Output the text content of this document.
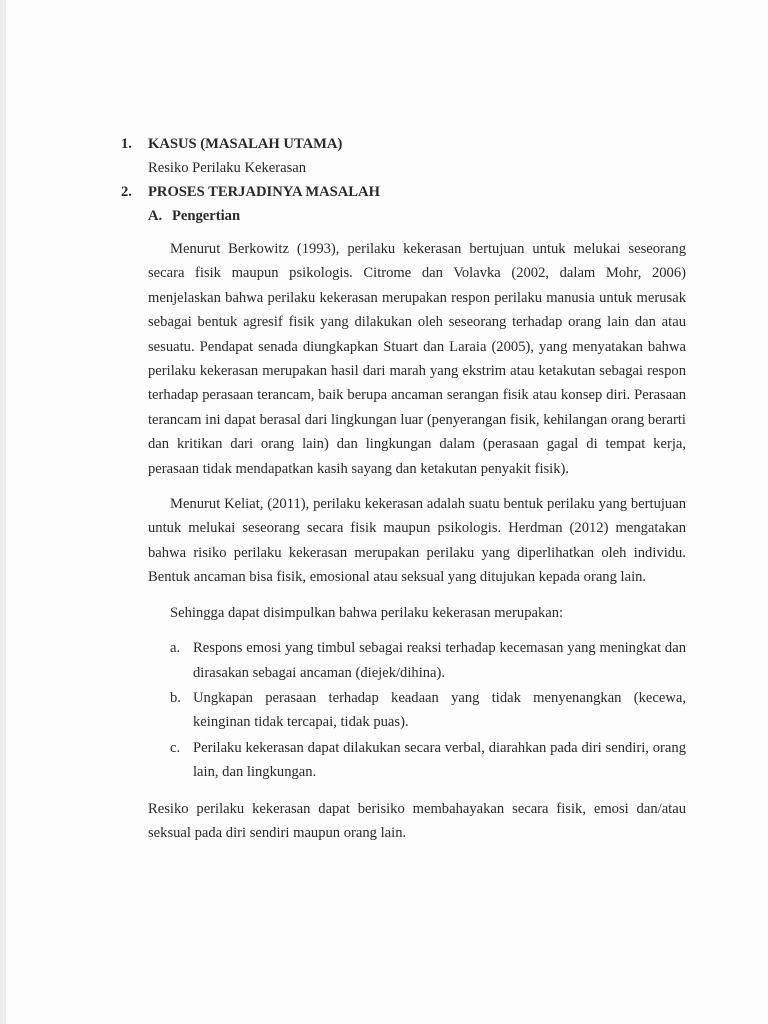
1. KASUS (MASALAH UTAMA)
Resiko Perilaku Kekerasan
2. PROSES TERJADINYA MASALAH
A. Pengertian

Menurut Berkowitz (1993), perilaku kekerasan bertujuan untuk melukai seseorang secara fisik maupun psikologis. Citrome dan Volavka (2002, dalam Mohr, 2006) menjelaskan bahwa perilaku kekerasan merupakan respon perilaku manusia untuk merusak sebagai bentuk agresif fisik yang dilakukan oleh seseorang terhadap orang lain dan atau sesuatu. Pendapat senada diungkapkan Stuart dan Laraia (2005), yang menyatakan bahwa perilaku kekerasan merupakan hasil dari marah yang ekstrim atau ketakutan sebagai respon terhadap perasaan terancam, baik berupa ancaman serangan fisik atau konsep diri. Perasaan terancam ini dapat berasal dari lingkungan luar (penyerangan fisik, kehilangan orang berarti dan kritikan dari orang lain) dan lingkungan dalam (perasaan gagal di tempat kerja, perasaan tidak mendapatkan kasih sayang dan ketakutan penyakit fisik).

Menurut Keliat, (2011), perilaku kekerasan adalah suatu bentuk perilaku yang bertujuan untuk melukai seseorang secara fisik maupun psikologis. Herdman (2012) mengatakan bahwa risiko perilaku kekerasan merupakan perilaku yang diperlihatkan oleh individu. Bentuk ancaman bisa fisik, emosional atau seksual yang ditujukan kepada orang lain.

Sehingga dapat disimpulkan bahwa perilaku kekerasan merupakan:

a. Respons emosi yang timbul sebagai reaksi terhadap kecemasan yang meningkat dan dirasakan sebagai ancaman (diejek/dihina).
b. Ungkapan perasaan terhadap keadaan yang tidak menyenangkan (kecewa, keinginan tidak tercapai, tidak puas).
c. Perilaku kekerasan dapat dilakukan secara verbal, diarahkan pada diri sendiri, orang lain, dan lingkungan.

Resiko perilaku kekerasan dapat berisiko membahayakan secara fisik, emosi dan/atau seksual pada diri sendiri maupun orang lain.
